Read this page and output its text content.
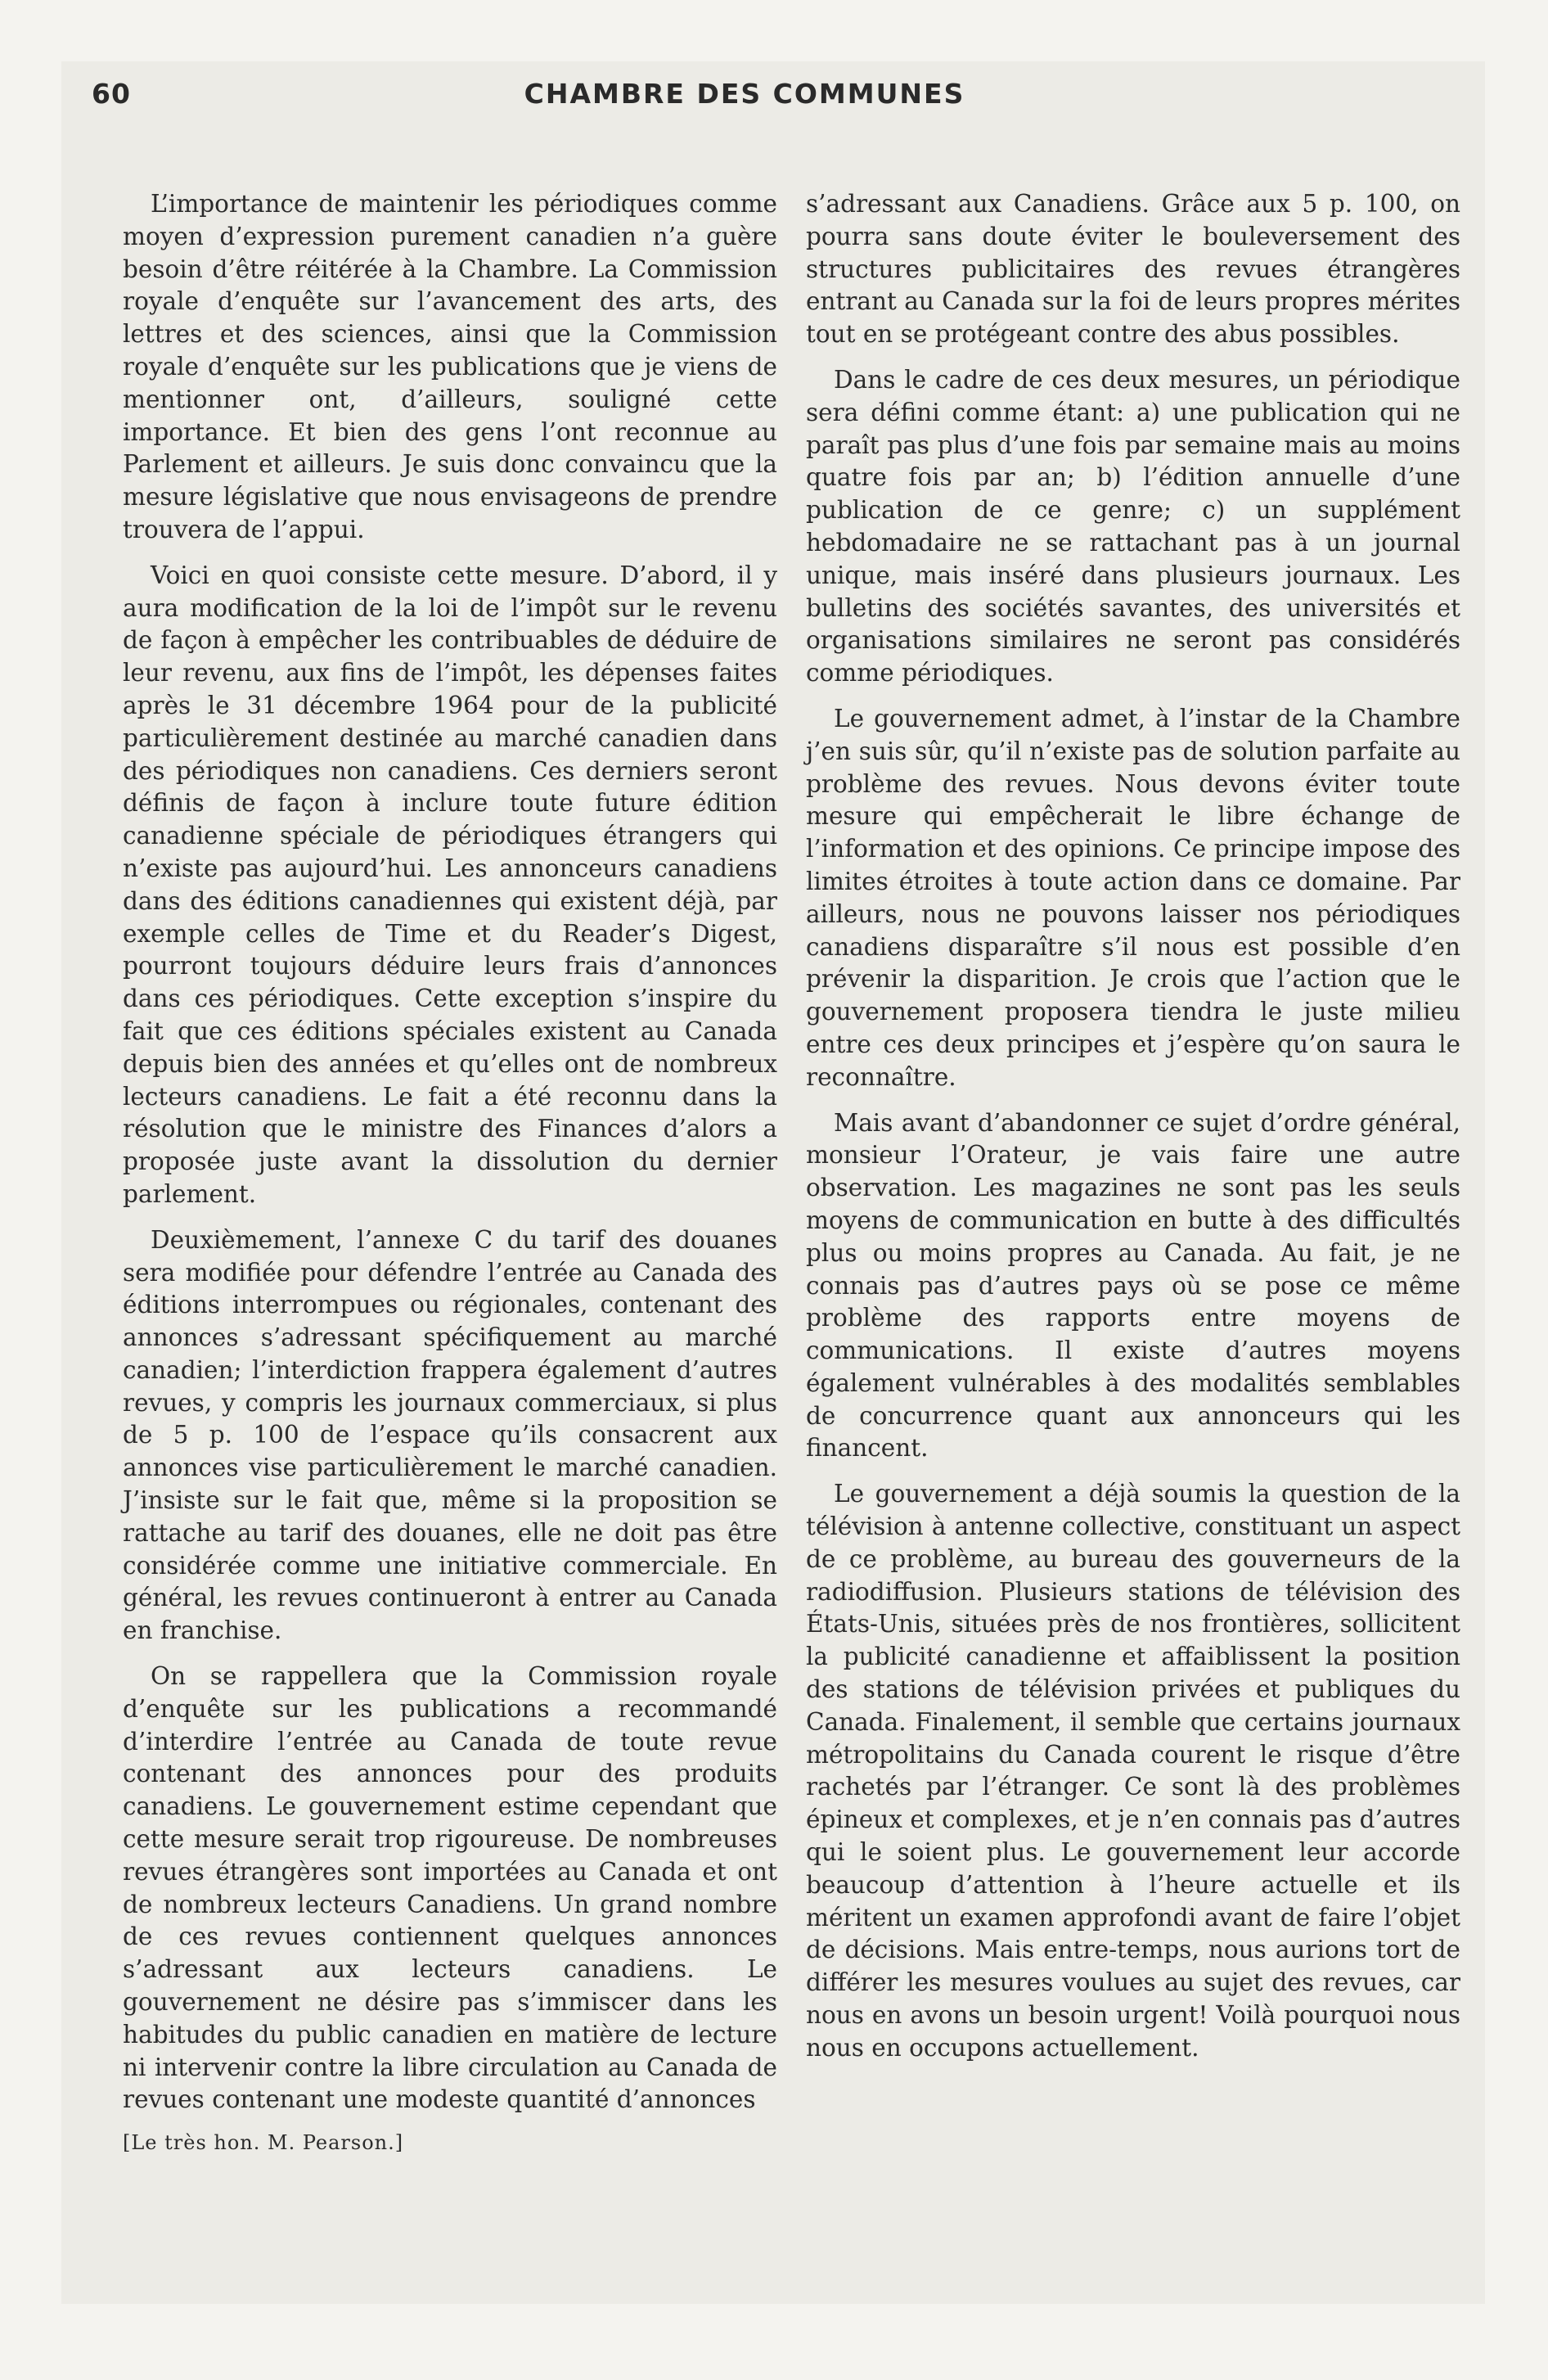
60	CHAMBRE DES COMMUNES

L’importance de maintenir les périodiques comme moyen d’expression purement canadien n’a guère besoin d’être réitérée à la Chambre. La Commission royale d’enquête sur l’avancement des arts, des lettres et des sciences, ainsi que la Commission royale d’enquête sur les publications que je viens de mentionner ont, d’ailleurs, souligné cette importance. Et bien des gens l’ont reconnue au Parlement et ailleurs. Je suis donc convaincu que la mesure législative que nous envisageons de prendre trouvera de l’appui.

Voici en quoi consiste cette mesure. D’abord, il y aura modification de la loi de l’impôt sur le revenu de façon à empêcher les contribuables de déduire de leur revenu, aux fins de l’impôt, les dépenses faites après le 31 décembre 1964 pour de la publicité particulièrement destinée au marché canadien dans des périodiques non canadiens. Ces derniers seront définis de façon à inclure toute future édition canadienne spéciale de périodiques étrangers qui n’existe pas aujourd’hui. Les annonceurs canadiens dans des éditions canadiennes qui existent déjà, par exemple celles de Time et du Reader’s Digest, pourront toujours déduire leurs frais d’annonces dans ces périodiques. Cette exception s’inspire du fait que ces éditions spéciales existent au Canada depuis bien des années et qu’elles ont de nombreux lecteurs canadiens. Le fait a été reconnu dans la résolution que le ministre des Finances d’alors a proposée juste avant la dissolution du dernier parlement.

Deuxièmement, l’annexe C du tarif des douanes sera modifiée pour défendre l’entrée au Canada des éditions interrompues ou régionales, contenant des annonces s’adressant spécifiquement au marché canadien; l’interdiction frappera également d’autres revues, y compris les journaux commerciaux, si plus de 5 p. 100 de l’espace qu’ils consacrent aux annonces vise particulièrement le marché canadien. J’insiste sur le fait que, même si la proposition se rattache au tarif des douanes, elle ne doit pas être considérée comme une initiative commerciale. En général, les revues continueront à entrer au Canada en franchise.

On se rappellera que la Commission royale d’enquête sur les publications a recommandé d’interdire l’entrée au Canada de toute revue contenant des annonces pour des produits canadiens. Le gouvernement estime cependant que cette mesure serait trop rigoureuse. De nombreuses revues étrangères sont importées au Canada et ont de nombreux lecteurs Canadiens. Un grand nombre de ces revues contiennent quelques annonces s’adressant aux lecteurs canadiens. Le gouvernement ne désire pas s’immiscer dans les habitudes du public canadien en matière de lecture ni intervenir contre la libre circulation au Canada de revues contenant une modeste quantité d’annonces

[Le très hon. M. Pearson.]

s’adressant aux Canadiens. Grâce aux 5 p. 100, on pourra sans doute éviter le bouleversement des structures publicitaires des revues étrangères entrant au Canada sur la foi de leurs propres mérites tout en se protégeant contre des abus possibles.

Dans le cadre de ces deux mesures, un périodique sera défini comme étant: a) une publication qui ne paraît pas plus d’une fois par semaine mais au moins quatre fois par an; b) l’édition annuelle d’une publication de ce genre; c) un supplément hebdomadaire ne se rattachant pas à un journal unique, mais inséré dans plusieurs journaux. Les bulletins des sociétés savantes, des universités et organisations similaires ne seront pas considérés comme périodiques.

Le gouvernement admet, à l’instar de la Chambre j’en suis sûr, qu’il n’existe pas de solution parfaite au problème des revues. Nous devons éviter toute mesure qui empêcherait le libre échange de l’information et des opinions. Ce principe impose des limites étroites à toute action dans ce domaine. Par ailleurs, nous ne pouvons laisser nos périodiques canadiens disparaître s’il nous est possible d’en prévenir la disparition. Je crois que l’action que le gouvernement proposera tiendra le juste milieu entre ces deux principes et j’espère qu’on saura le reconnaître.

Mais avant d’abandonner ce sujet d’ordre général, monsieur l’Orateur, je vais faire une autre observation. Les magazines ne sont pas les seuls moyens de communication en butte à des difficultés plus ou moins propres au Canada. Au fait, je ne connais pas d’autres pays où se pose ce même problème des rapports entre moyens de communications. Il existe d’autres moyens également vulnérables à des modalités semblables de concurrence quant aux annonceurs qui les financent.

Le gouvernement a déjà soumis la question de la télévision à antenne collective, constituant un aspect de ce problème, au bureau des gouverneurs de la radiodiffusion. Plusieurs stations de télévision des États-Unis, situées près de nos frontières, sollicitent la publicité canadienne et affaiblissent la position des stations de télévision privées et publiques du Canada. Finalement, il semble que certains journaux métropolitains du Canada courent le risque d’être rachetés par l’étranger. Ce sont là des problèmes épineux et complexes, et je n’en connais pas d’autres qui le soient plus. Le gouvernement leur accorde beaucoup d’attention à l’heure actuelle et ils méritent un examen approfondi avant de faire l’objet de décisions. Mais entre-temps, nous aurions tort de différer les mesures voulues au sujet des revues, car nous en avons un besoin urgent! Voilà pourquoi nous nous en occupons actuellement.
